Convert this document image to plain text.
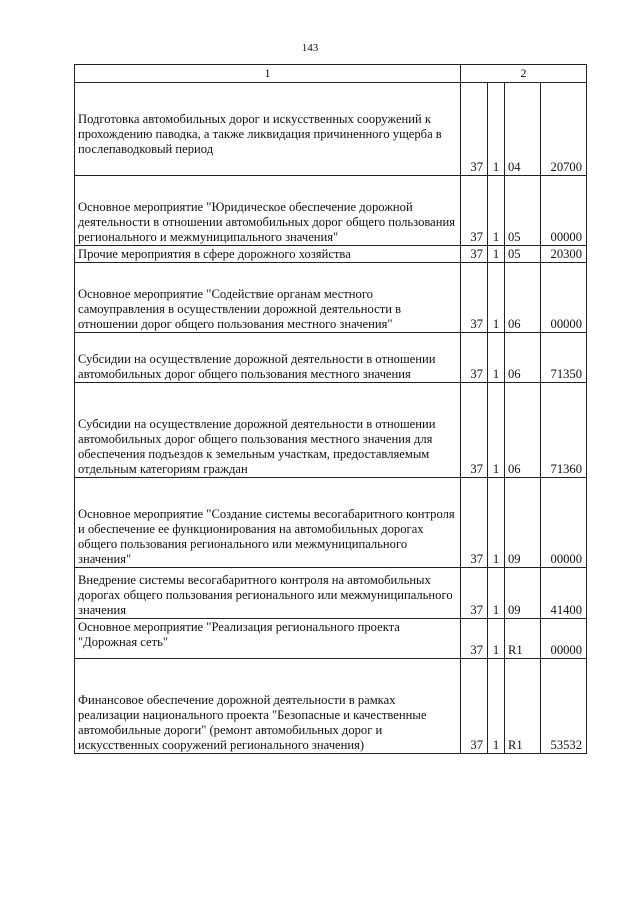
143
1	2			
Подготовка автомобильных дорог и искусственных сооружений к прохождению паводка, а также ликвидация причиненного ущерба в послепаводковый период	37	1	04	20700
Основное мероприятие "Юридическое обеспечение дорожной деятельности в отношении автомобильных дорог общего пользования регионального и межмуниципального значения"	37	1	05	00000
Прочие мероприятия в сфере дорожного хозяйства	37	1	05	20300
Основное мероприятие "Содействие органам местного самоуправления в осуществлении дорожной деятельности в отношении дорог общего пользования местного значения"	37	1	06	00000
Субсидии на осуществление дорожной деятельности в отношении автомобильных дорог общего пользования местного значения	37	1	06	71350
Субсидии на осуществление дорожной деятельности в отношении автомобильных дорог общего пользования местного значения для обеспечения подъездов к земельным участкам, предоставляемым отдельным категориям граждан	37	1	06	71360
Основное мероприятие "Создание системы весогабаритного контроля и обеспечение ее функционирования на автомобильных дорогах общего пользования регионального или межмуниципального значения"	37	1	09	00000
Внедрение системы весогабаритного контроля на автомобильных дорогах общего пользования регионального или межмуниципального значения	37	1	09	41400
Основное мероприятие "Реализация регионального проекта "Дорожная сеть"	37	1	R1	00000
Финансовое обеспечение дорожной деятельности в рамках реализации национального проекта "Безопасные и качественные автомобильные дороги" (ремонт автомобильных дорог и искусственных сооружений регионального значения)	37	1	R1	53532
